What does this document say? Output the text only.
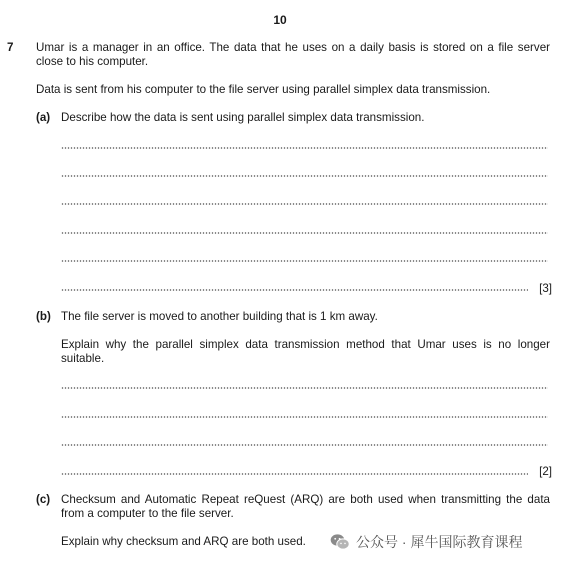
10
7 Umar is a manager in an office. The data that he uses on a daily basis is stored on a file server close to his computer.
Data is sent from his computer to the file server using parallel simplex data transmission.
(a) Describe how the data is sent using parallel simplex data transmission.
[3]
(b) The file server is moved to another building that is 1 km away.
Explain why the parallel simplex data transmission method that Umar uses is no longer suitable.
[2]
(c) Checksum and Automatic Repeat reQuest (ARQ) are both used when transmitting the data from a computer to the file server.
Explain why checksum and ARQ are both used.	公众号 · 犀牛国际教育课程
